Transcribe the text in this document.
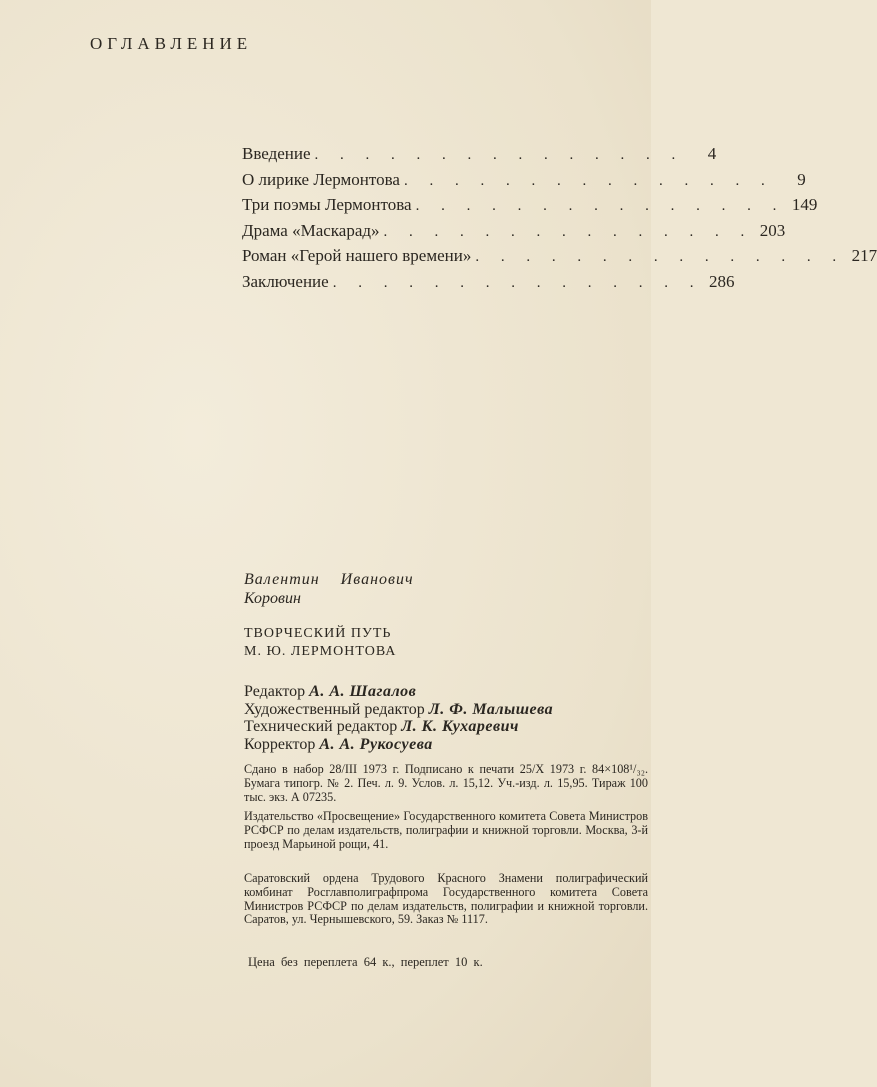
ОГЛАВЛЕНИЕ
Введение . . . . . . . . . . . . . . .	4
О лирике Лермонтова . . . . . . . . . . . . . . .	9
Три поэмы Лермонтова . . . . . . . . . . . . . . . 149
Драма «Маскарад» . . . . . . . . . . . . . . . 203
Роман «Герой нашего времени» . . . . . . . . . . . . . . . 217
Заключение . . . . . . . . . . . . . . . 286
Валентин Иванович
Коровин
ТВОРЧЕСКИЙ ПУТЬ
М. Ю. ЛЕРМОНТОВА
Редактор А. А. Шагалов
Художественный редактор Л. Ф. Малышева
Технический редактор Л. К. Кухаревич
Корректор А. А. Рукосуева
Сдано в набор 28/III 1973 г. Подписано к печати 25/X 1973 г. 84×108¹/₃₂. Бумага типогр. № 2. Печ. л. 9. Услов. л. 15,12. Уч.-изд. л. 15,95. Тираж 100 тыс. экз. А 07235.
Издательство «Просвещение» Государственного комитета Совета Министров РСФСР по делам издательств, полиграфии и книжной торговли. Москва, 3-й проезд Марьиной рощи, 41.
Саратовский ордена Трудового Красного Знамени полиграфический комбинат Росглавполиграфпрома Государственного комитета Совета Министров РСФСР по делам издательств, полиграфии и книжной торговли. Саратов, ул. Чернышевского, 59. Заказ № 1117.
Цена без переплета 64 к., переплет 10 к.
